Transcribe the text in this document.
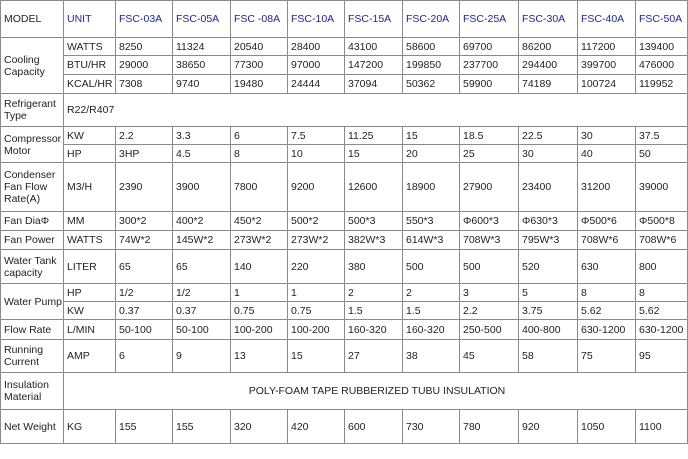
MODEL	UNIT	FSC-03A	FSC-05A	FSC -08A	FSC-10A	FSC-15A	FSC-20A	FSC-25A	FSC-30A	FSC-40A	FSC-50A
Cooling Capacity	WATTS	8250	11324	20540	28400	43100	58600	69700	86200	117200	139400
	BTU/HR	29000	38650	77300	97000	147200	199850	237700	294400	399700	476000
	KCAL/HR	7308	9740	19480	24444	37094	50362	59900	74189	100724	119952
Refrigerant Type	R22/R407										
Compressor Motor	KW	2.2	3.3	6	7.5	11.25	15	18.5	22.5	30	37.5
	HP	3HP	4.5	8	10	15	20	25	30	40	50
Condenser Fan Flow Rate(A)	M3/H	2390	3900	7800	9200	12600	18900	27900	23400	31200	39000
Fan DiaΦ	MM	300*2	400*2	450*2	500*2	500*3	550*3	Φ600*3	Φ630*3	Φ500*6	Φ500*8
Fan Power	WATTS	74W*2	145W*2	273W*2	273W*2	382W*3	614W*3	708W*3	795W*3	708W*6	708W*6
Water Tank capacity	LITER	65	65	140	220	380	500	500	520	630	800
Water Pump	HP	1/2	1/2	1	1	2	2	3	5	8	8
	KW	0.37	0.37	0.75	0.75	1.5	1.5	2.2	3.75	5.62	5.62
Flow Rate	L/MIN	50-100	50-100	100-200	100-200	160-320	160-320	250-500	400-800	630-1200	630-1200
Running Current	AMP	6	9	13	15	27	38	45	58	75	95
Insulation Material	POLY-FOAM TAPE RUBBERIZED TUBU INSULATION										
Net Weight	KG	155	155	320	420	600	730	780	920	1050	1100
